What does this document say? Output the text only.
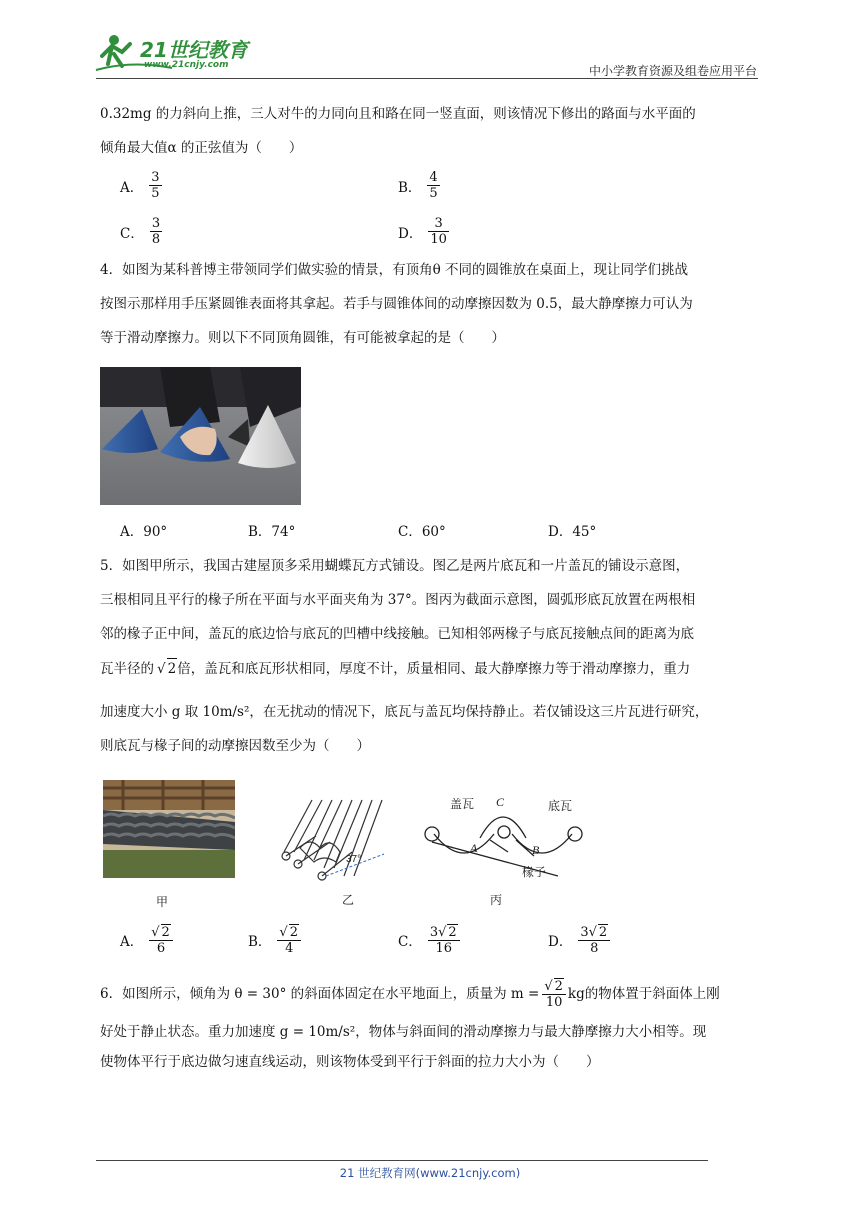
21世纪教育
www.21cnjy.com	中小学教育资源及组卷应用平台
0.32mg 的力斜向上推，三人对牛的力同向且和路在同一竖直面，则该情况下修出的路面与水平面的
倾角最大值α 的正弦值为（　　）
A． $\frac{3}{5}$	B． $\frac{4}{5}$
C． $\frac{3}{8}$	D． $\frac{3}{10}$
4．如图为某科普博主带领同学们做实验的情景，有顶角θ 不同的圆锥放在桌面上，现让同学们挑战
按图示那样用手压紧圆锥表面将其拿起。若手与圆锥体间的动摩擦因数为 0.5，最大静摩擦力可认为
等于滑动摩擦力。则以下不同顶角圆锥，有可能被拿起的是（　　）
A．90°	B．74°	C．60°	D．45°
5．如图甲所示，我国古建屋顶多采用蝴蝶瓦方式铺设。图乙是两片底瓦和一片盖瓦的铺设示意图，
三根相同且平行的椽子所在平面与水平面夹角为 37°。图丙为截面示意图，圆弧形底瓦放置在两根相
邻的椽子正中间，盖瓦的底边恰与底瓦的凹槽中线接触。已知相邻两椽子与底瓦接触点间的距离为底
瓦半径的 √ 2倍，盖瓦和底瓦形状相同，厚度不计，质量相同、最大静摩擦力等于滑动摩擦力，重力
加速度大小 g 取 10m/s²，在无扰动的情况下，底瓦与盖瓦均保持静止。若仅铺设这三片瓦进行研究，
则底瓦与椽子间的动摩擦因数至少为（　　）
甲
37°
乙
盖瓦 C	底瓦
A	B
椽子
丙
A． $\frac{√ 2}{6}$	B． $\frac{√ 2}{4}$	C． $\frac{3√ 2}{16}$	D． $\frac{3√ 2}{8}$
6．如图所示，倾角为 θ = 30° 的斜面体固定在水平地面上，质量为 $m = \frac{√ 2}{10}$ kg 的物体置于斜面体上刚
好处于静止状态。重力加速度 g = 10m/s²，物体与斜面间的滑动摩擦力与最大静摩擦力大小相等。现
使物体平行于底边做匀速直线运动，则该物体受到平行于斜面的拉力大小为（　　）
21 世纪教育网(www.21cnjy.com)
